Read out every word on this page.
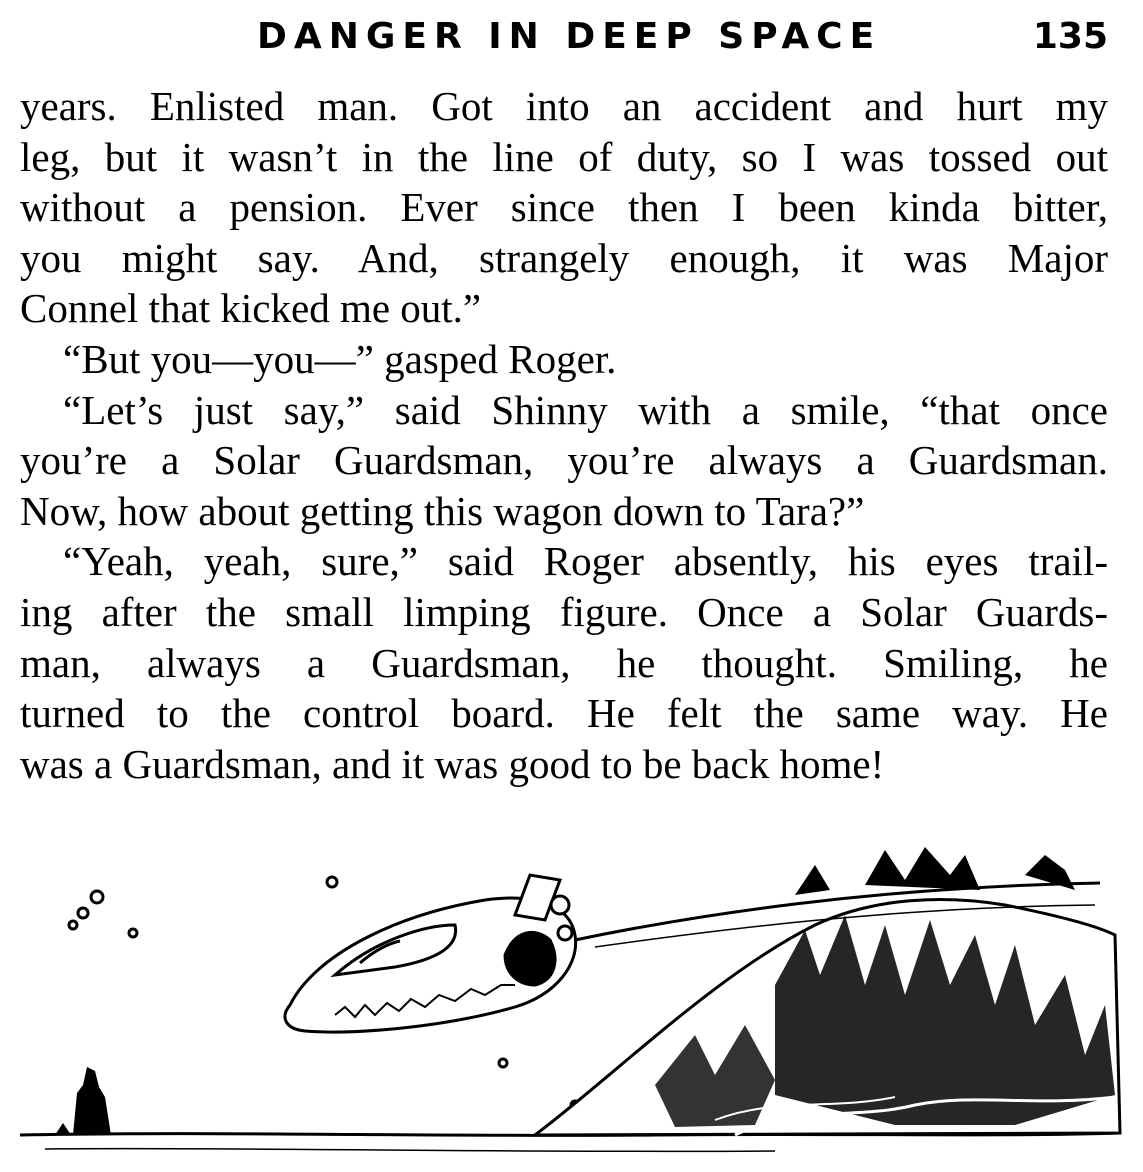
DANGER IN DEEP SPACE	135
years. Enlisted man. Got into an accident and hurt my
leg, but it wasn’t in the line of duty, so I was tossed out
without a pension. Ever since then I been kinda bitter,
you might say. And, strangely enough, it was Major
Connel that kicked me out.”
“But you—you—” gasped Roger.
“Let’s just say,” said Shinny with a smile, “that once
you’re a Solar Guardsman, you’re always a Guardsman.
Now, how about getting this wagon down to Tara?”
“Yeah, yeah, sure,” said Roger absently, his eyes trail-
ing after the small limping figure. Once a Solar Guards-
man, always a Guardsman, he thought. Smiling, he
turned to the control board. He felt the same way. He
was a Guardsman, and it was good to be back home!
